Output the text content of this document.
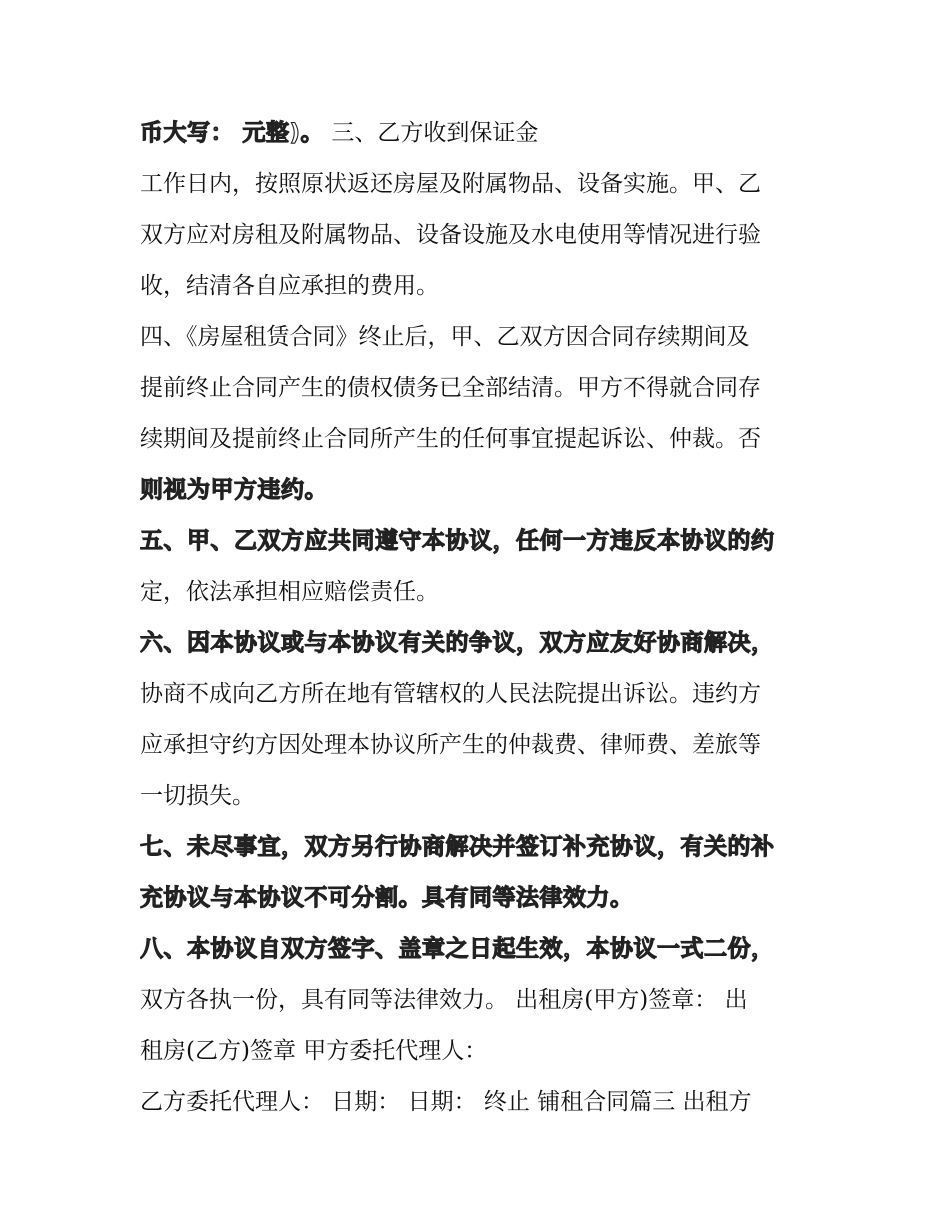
币大写： 元整)。 三、乙方收到保证金
工作日内，按照原状返还房屋及附属物品、设备实施。甲、乙
双方应对房租及附属物品、设备设施及水电使用等情况进行验
收，结清各自应承担的费用。
四、《房屋租赁合同》终止后，甲、乙双方因合同存续期间及
提前终止合同产生的债权债务已全部结清。甲方不得就合同存
续期间及提前终止合同所产生的任何事宜提起诉讼、仲裁。否
则视为甲方违约。
五、甲、乙双方应共同遵守本协议，任何一方违反本协议的约
定，依法承担相应赔偿责任。
六、因本协议或与本协议有关的争议，双方应友好协商解决，
协商不成向乙方所在地有管辖权的人民法院提出诉讼。违约方
应承担守约方因处理本协议所产生的仲裁费、律师费、差旅等
一切损失。
七、未尽事宜，双方另行协商解决并签订补充协议，有关的补
充协议与本协议不可分割。具有同等法律效力。
八、本协议自双方签字、盖章之日起生效，本协议一式二份，
双方各执一份，具有同等法律效力。 出租房(甲方)签章： 出
租房(乙方)签章 甲方委托代理人：
乙方委托代理人： 日期： 日期： 终止 铺租合同篇三 出租方
